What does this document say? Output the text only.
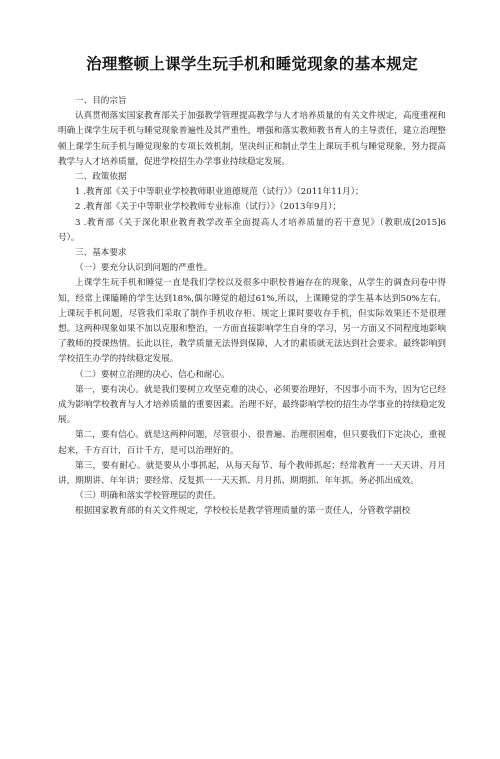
治理整顿上课学生玩手机和睡觉现象的基本规定

一、目的宗旨

认真贯彻落实国家教育部关于加强教学管理提高教学与人才培养质量的有关文件规定，高度重视和明确上课学生玩手机与睡觉现象普遍性及其严重性，增强和落实教师教书育人的主导责任，建立治理整顿上课学生玩手机与睡觉现象的专项长效机制，坚决纠正和制止学生上课玩手机与睡觉现象，努力提高教学与人才培养质量，促进学校招生办学事业持续稳定发展。

二、政策依据

1 .教育部《关于中等职业学校教师职业道德规范（试行）》（2011年11月）；

2 .教育部《关于中等职业学校教师专业标准（试行）》（2013年9月）；

3 .教育部《关于深化职业教育教学改革全面提高人才培养质量的若干意见》（教职成[2015]6号）。

三、基本要求

（一）要充分认识到问题的严重性。

上课学生玩手机和睡觉一直是我们学校以及很多中职校普遍存在的现象，从学生的调查问卷中得知，经常上课瞌睡的学生达到18%,偶尔睡觉的超过61%,所以，上课睡觉的学生基本达到50%左右。上课玩手机问题，尽管我们采取了制作手机收存柜、规定上课时要收存手机，但实际效果还不是很理想。这两种现象如果不加以克服和整治，一方面直接影响学生自身的学习，另一方面又不同程度地影响了教师的授课热情。长此以往，教学质量无法得到保障，人才的素质就无法达到社会要求。最终影响到学校招生办学的持续稳定发展。

（二）要树立治理的决心、信心和耐心。

第一，要有决心。就是我们要树立攻坚克难的决心，必须要治理好，不因事小而不为，因为它已经成为影响学校教育与人才培养质量的重要因素。治理不好，最终影响学校的招生办学事业的持续稳定发展。

第二，要有信心。就是这两种问题，尽管很小、很普遍、治理很困难，但只要我们下定决心，重视起来，千方百计，百计千方，是可以治理好的。

第三，要有耐心。就是要从小事抓起，从每天每节、每个教师抓起；经常教育一一天天讲、月月讲，期期讲、年年讲；要经常、反复抓一一天天抓、月月抓、期期抓、年年抓。务必抓出成效。

（三）明确和落实学校管理层的责任。

根据国家教育部的有关文件规定，学校校长是教学管理质量的第一责任人，分管教学副校
